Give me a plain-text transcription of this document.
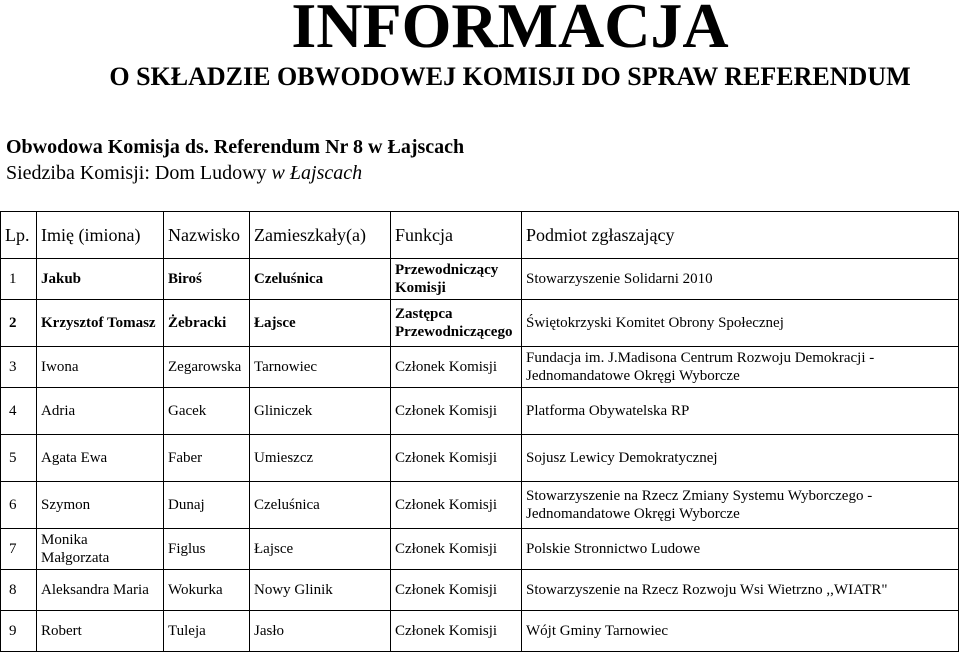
INFORMACJA
O SKŁADZIE OBWODOWEJ KOMISJI DO SPRAW REFERENDUM
Obwodowa Komisja ds. Referendum Nr 8 w Łajscach
Siedziba Komisji: Dom Ludowy w Łajscach
Lp.	Imię (imiona)	Nazwisko	Zamieszkały(a)	Funkcja	Podmiot zgłaszający
1	Jakub	Biroś	Czeluśnica	Przewodniczący Komisji	Stowarzyszenie Solidarni 2010
2	Krzysztof Tomasz	Żebracki	Łajsce	Zastępca Przewodniczącego	Świętokrzyski Komitet Obrony Społecznej
3	Iwona	Zegarowska	Tarnowiec	Członek Komisji	Fundacja im. J.Madisona Centrum Rozwoju Demokracji - Jednomandatowe Okręgi Wyborcze
4	Adria	Gacek	Gliniczek	Członek Komisji	Platforma Obywatelska RP
5	Agata Ewa	Faber	Umieszcz	Członek Komisji	Sojusz Lewicy Demokratycznej
6	Szymon	Dunaj	Czeluśnica	Członek Komisji	Stowarzyszenie na Rzecz Zmiany Systemu Wyborczego - Jednomandatowe Okręgi Wyborcze
7	Monika Małgorzata	Figlus	Łajsce	Członek Komisji	Polskie Stronnictwo Ludowe
8	Aleksandra Maria	Wokurka	Nowy Glinik	Członek Komisji	Stowarzyszenie na Rzecz Rozwoju Wsi Wietrzno ,,WIATR"
9	Robert	Tuleja	Jasło	Członek Komisji	Wójt Gminy Tarnowiec
